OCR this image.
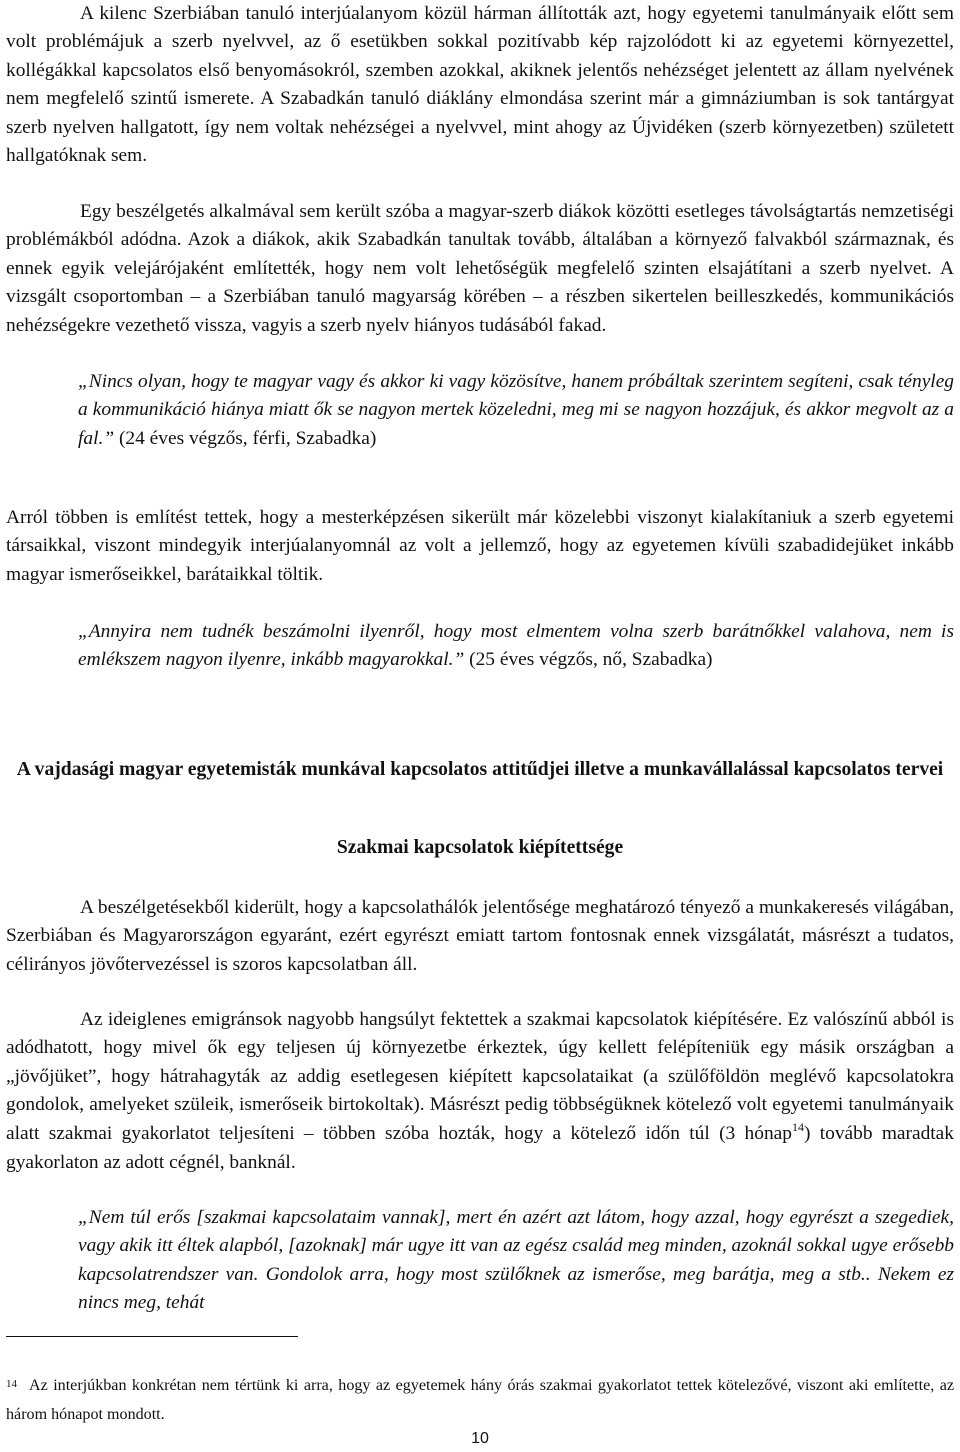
A kilenc Szerbiában tanuló interjúalanyom közül hárman állították azt, hogy egyetemi tanulmányaik előtt sem volt problémájuk a szerb nyelvvel, az ő esetükben sokkal pozitívabb kép rajzolódott ki az egyetemi környezettel, kollégákkal kapcsolatos első benyomásokról, szemben azokkal, akiknek jelentős nehézséget jelentett az állam nyelvének nem megfelelő szintű ismerete. A Szabadkán tanuló diáklány elmondása szerint már a gimnáziumban is sok tantárgyat szerb nyelven hallgatott, így nem voltak nehézségei a nyelvvel, mint ahogy az Újvidéken (szerb környezetben) született hallgatóknak sem.

Egy beszélgetés alkalmával sem került szóba a magyar-szerb diákok közötti esetleges távolságtartás nemzetiségi problémákból adódna. Azok a diákok, akik Szabadkán tanultak tovább, általában a környező falvakból származnak, és ennek egyik velejárójaként említették, hogy nem volt lehetőségük megfelelő szinten elsajátítani a szerb nyelvet. A vizsgált csoportomban – a Szerbiában tanuló magyarság körében – a részben sikertelen beilleszkedés, kommunikációs nehézségekre vezethető vissza, vagyis a szerb nyelv hiányos tudásából fakad.

„Nincs olyan, hogy te magyar vagy és akkor ki vagy közösítve, hanem próbáltak szerintem segíteni, csak tényleg a kommunikáció hiánya miatt ők se nagyon mertek közeledni, meg mi se nagyon hozzájuk, és akkor megvolt az a fal.” (24 éves végzős, férfi, Szabadka)

Arról többen is említést tettek, hogy a mesterképzésen sikerült már közelebbi viszonyt kialakítaniuk a szerb egyetemi társaikkal, viszont mindegyik interjúalanyomnál az volt a jellemző, hogy az egyetemen kívüli szabadidejüket inkább magyar ismerőseikkel, barátaikkal töltik.

„Annyira nem tudnék beszámolni ilyenről, hogy most elmentem volna szerb barátnőkkel valahova, nem is emlékszem nagyon ilyenre, inkább magyarokkal.” (25 éves végzős, nő, Szabadka)
A vajdasági magyar egyetemisták munkával kapcsolatos attitűdjei illetve a munkavállalással kapcsolatos tervei
Szakmai kapcsolatok kiépítettsége

A beszélgetésekből kiderült, hogy a kapcsolathálók jelentősége meghatározó tényező a munkakeresés világában, Szerbiában és Magyarországon egyaránt, ezért egyrészt emiatt tartom fontosnak ennek vizsgálatát, másrészt a tudatos, célirányos jövőtervezéssel is szoros kapcsolatban áll.

Az ideiglenes emigránsok nagyobb hangsúlyt fektettek a szakmai kapcsolatok kiépítésére. Ez valószínű abból is adódhatott, hogy mivel ők egy teljesen új környezetbe érkeztek, úgy kellett felépíteniük egy másik országban a „jövőjüket”, hogy hátrahagyták az addig esetlegesen kiépített kapcsolataikat (a szülőföldön meglévő kapcsolatokra gondolok, amelyeket szüleik, ismerőseik birtokoltak). Másrészt pedig többségüknek kötelező volt egyetemi tanulmányaik alatt szakmai gyakorlatot teljesíteni – többen szóba hozták, hogy a kötelező időn túl (3 hónap$^{14}$) tovább maradtak gyakorlaton az adott cégnél, banknál.

„Nem túl erős [szakmai kapcsolataim vannak], mert én azért azt látom, hogy azzal, hogy egyrészt a szegediek, vagy akik itt éltek alapból, [azoknak] már ugye itt van az egész család meg minden, azoknál sokkal ugye erősebb kapcsolatrendszer van. Gondolok arra, hogy most szülőknek az ismerőse, meg barátja, meg a stb.. Nekem ez nincs meg, tehát
$^{14}$ Az interjúkban konkrétan nem tértünk ki arra, hogy az egyetemek hány órás szakmai gyakorlatot tettek kötelezővé, viszont aki említette, az három hónapot mondott.
10
